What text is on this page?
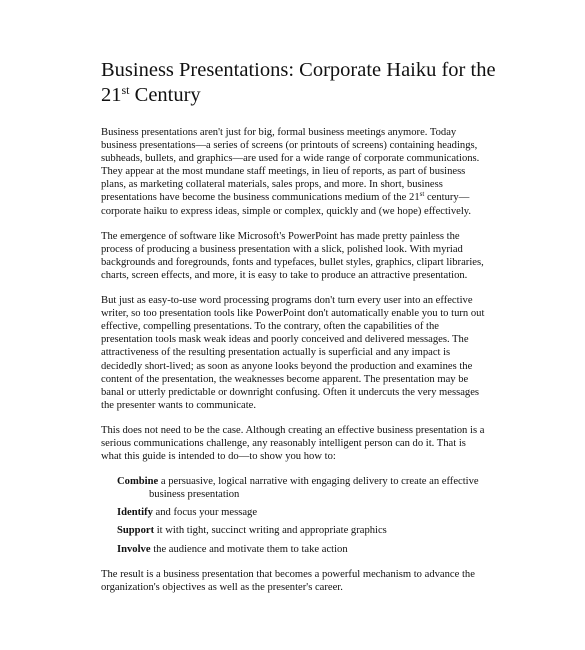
Business Presentations: Corporate Haiku for the 21st Century

Business presentations aren't just for big, formal business meetings anymore. Today business presentations—a series of screens (or printouts of screens) containing headings, subheads, bullets, and graphics—are used for a wide range of corporate communications. They appear at the most mundane staff meetings, in lieu of reports, as part of business plans, as marketing collateral materials, sales props, and more. In short, business presentations have become the business communications medium of the 21st century—corporate haiku to express ideas, simple or complex, quickly and (we hope) effectively.

The emergence of software like Microsoft's PowerPoint has made pretty painless the process of producing a business presentation with a slick, polished look. With myriad backgrounds and foregrounds, fonts and typefaces, bullet styles, graphics, clipart libraries, charts, screen effects, and more, it is easy to take to produce an attractive presentation.

But just as easy-to-use word processing programs don't turn every user into an effective writer, so too presentation tools like PowerPoint don't automatically enable you to turn out effective, compelling presentations. To the contrary, often the capabilities of the presentation tools mask weak ideas and poorly conceived and delivered messages. The attractiveness of the resulting presentation actually is superficial and any impact is decidedly short-lived; as soon as anyone looks beyond the production and examines the content of the presentation, the weaknesses become apparent. The presentation may be banal or utterly predictable or downright confusing. Often it undercuts the very messages the presenter wants to communicate.

This does not need to be the case. Although creating an effective business presentation is a serious communications challenge, any reasonably intelligent person can do it. That is what this guide is intended to do—to show you how to:

Combine a persuasive, logical narrative with engaging delivery to create an effective business presentation
Identify and focus your message
Support it with tight, succinct writing and appropriate graphics
Involve the audience and motivate them to take action

The result is a business presentation that becomes a powerful mechanism to advance the organization's objectives as well as the presenter's career.
